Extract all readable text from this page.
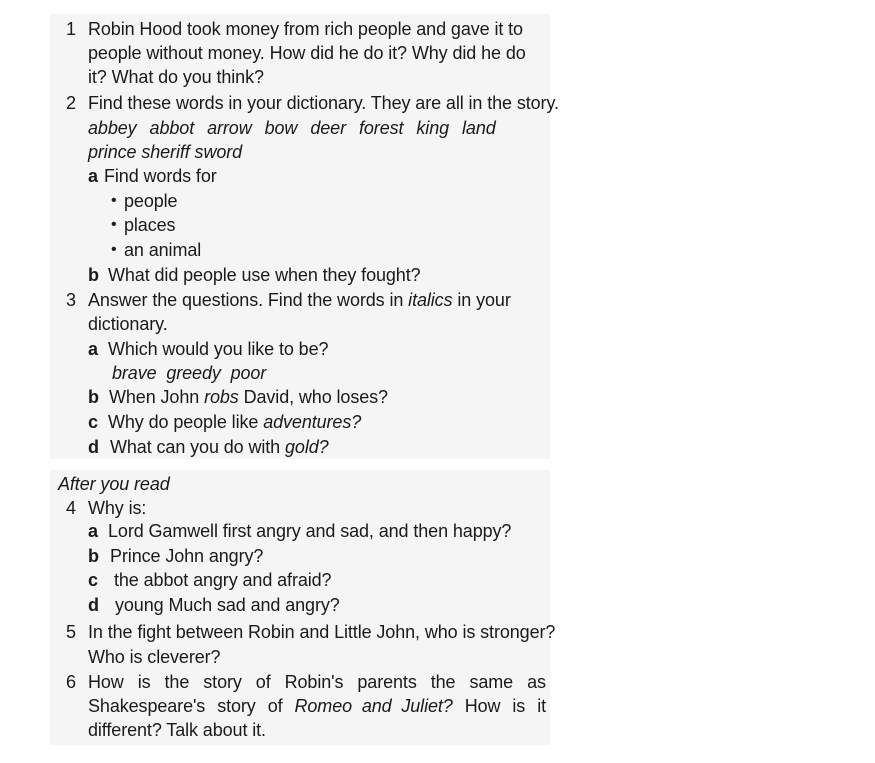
1 Robin Hood took money from rich people and gave it to
people without money. How did he do it? Why did he do
it? What do you think?
2 Find these words in your dictionary. They are all in the story.
abbey abbot arrow bow deer forest king land
prince sheriff sword
a Find words for
• people
• places
• an animal
b What did people use when they fought?
3 Answer the questions. Find the words in italics in your
dictionary.
a Which would you like to be?
brave  greedy  poor
b When John robs David, who loses?
c Why do people like adventures?
d What can you do with gold?
After you read
4 Why is:
a Lord Gamwell first angry and sad, and then happy?
b Prince John angry?
c the abbot angry and afraid?
d young Much sad and angry?
5 In the fight between Robin and Little John, who is stronger?
Who is cleverer?
6 How is the story of Robin's parents the same as
Shakespeare's story of Romeo  and  Juliet? How is it
different? Talk about it.
